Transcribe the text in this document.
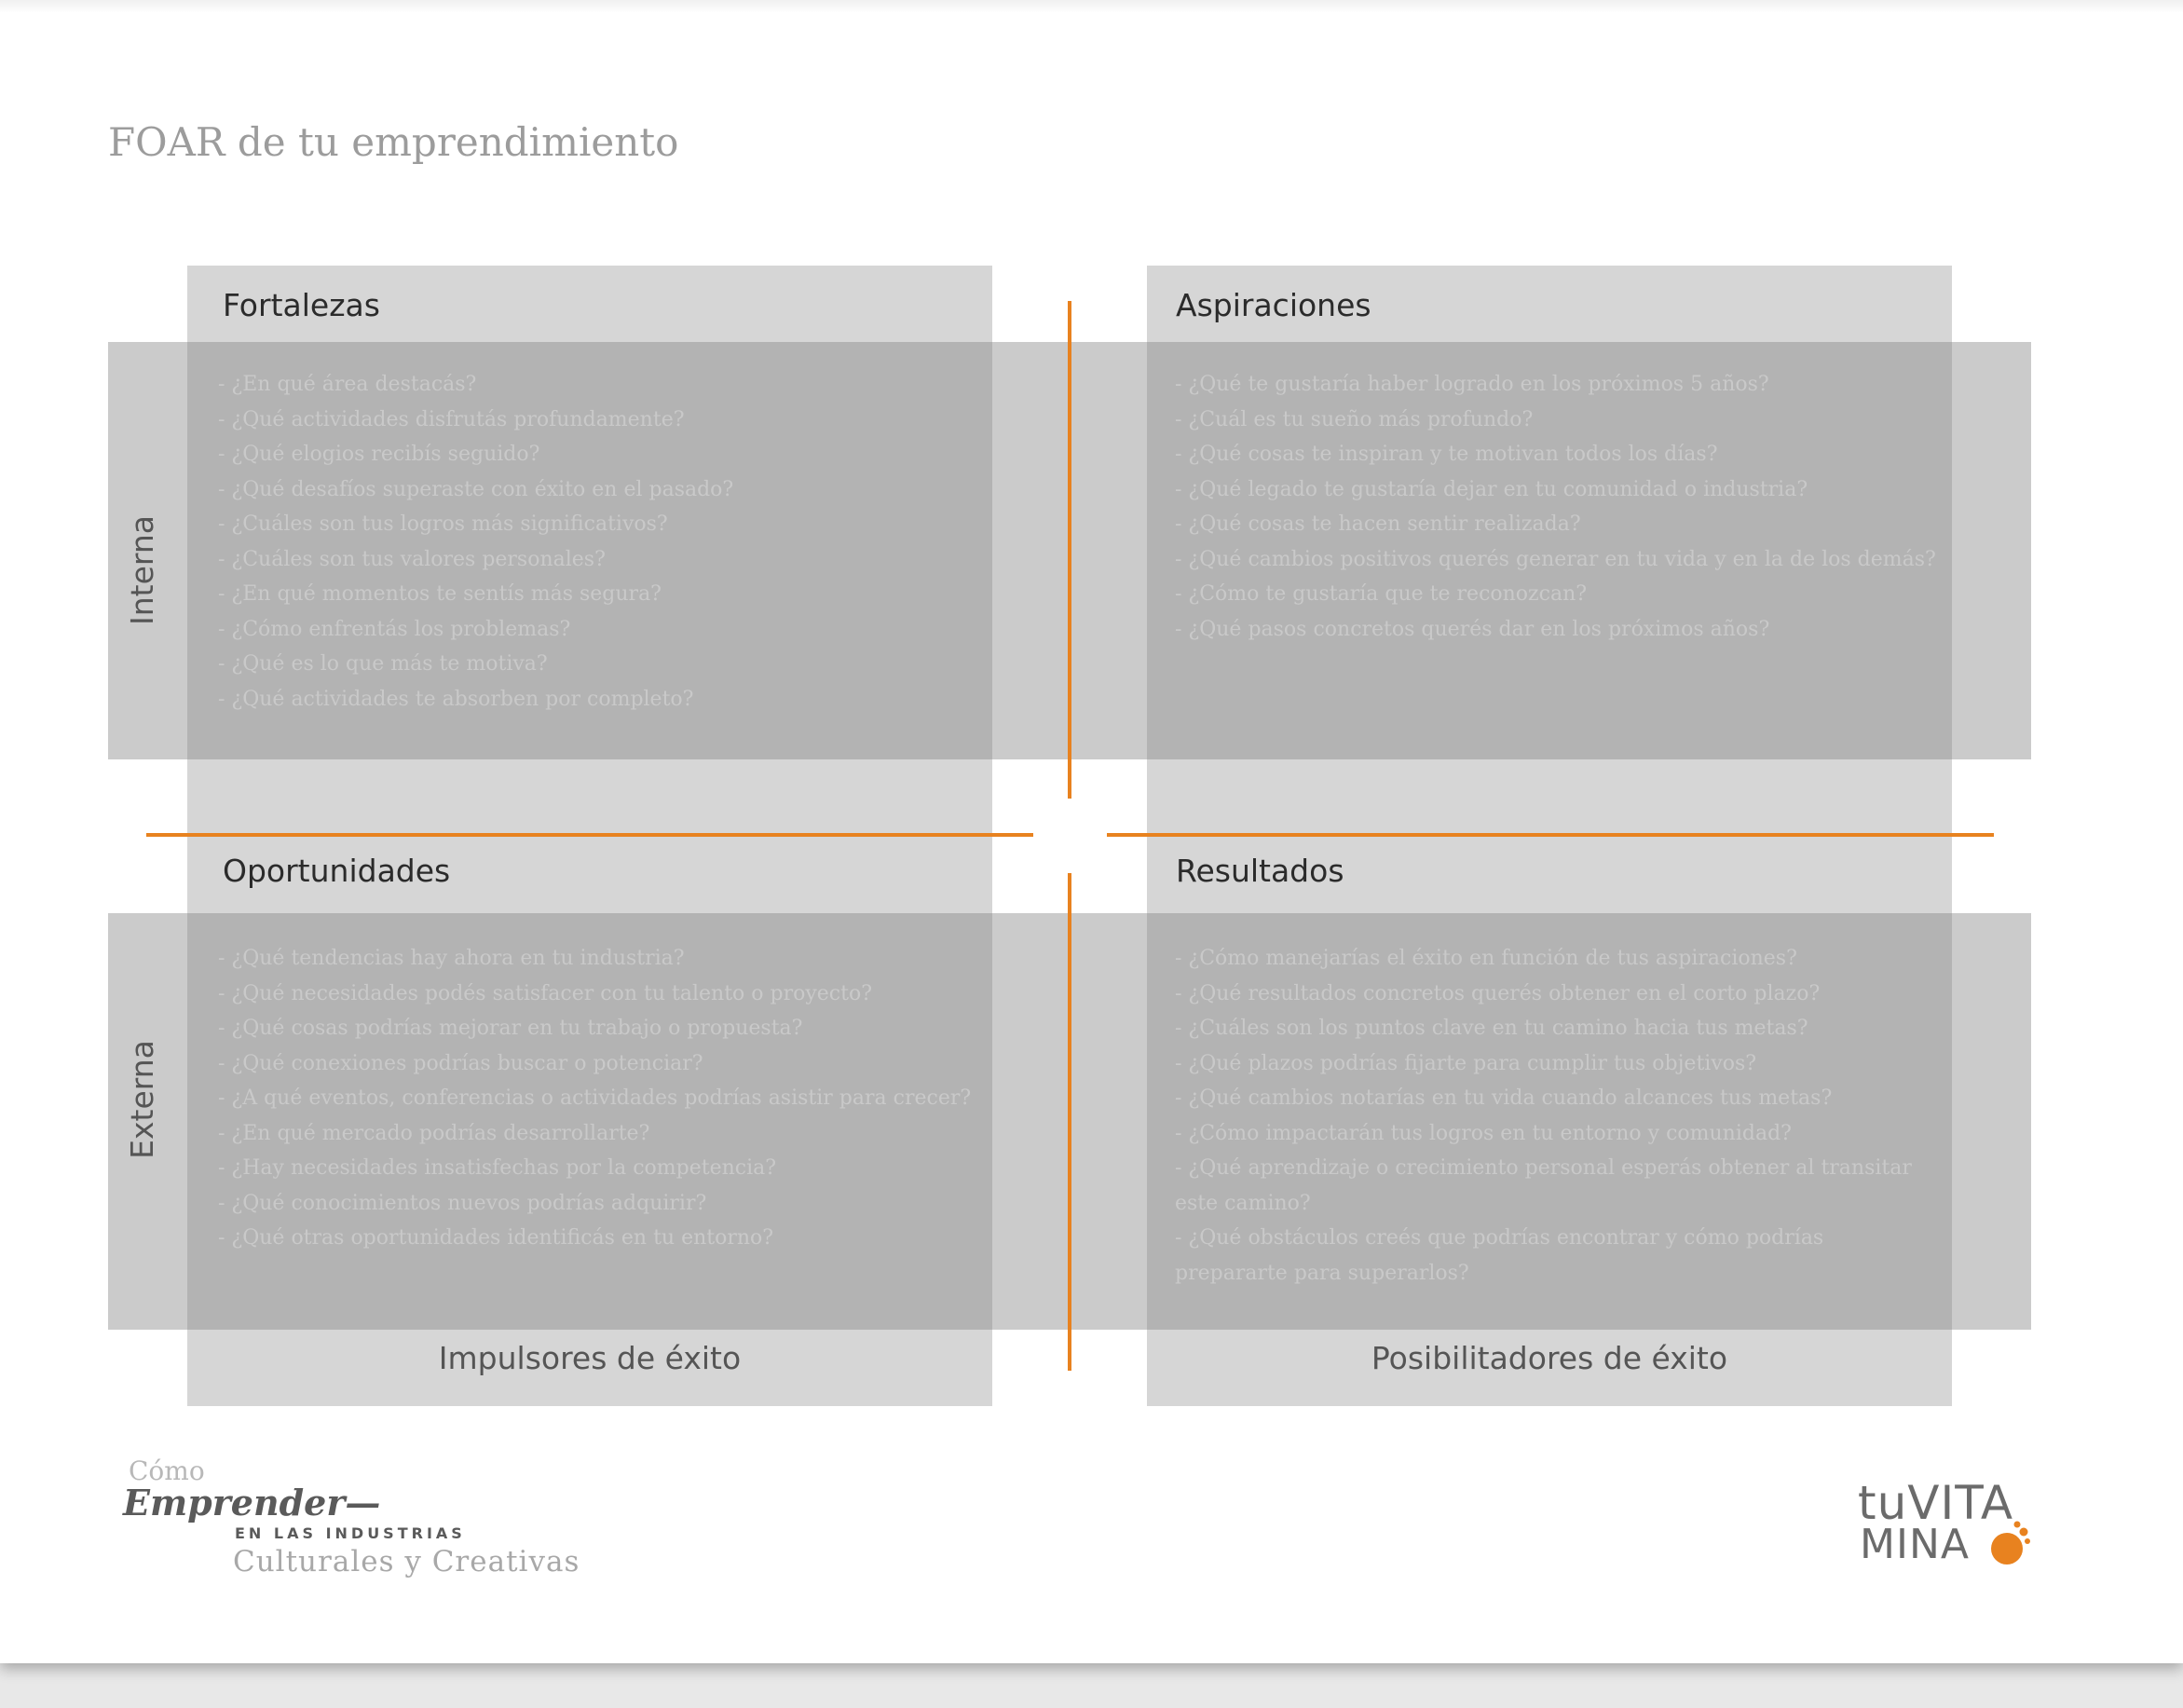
FOAR de tu emprendimiento
Fortalezas	Aspiraciones
Oportunidades	Resultados
- ¿En qué área destacás?
- ¿Qué actividades disfrutás profundamente?
- ¿Qué elogios recibís seguido?
- ¿Qué desafíos superaste con éxito en el pasado?
- ¿Cuáles son tus logros más significativos?
- ¿Cuáles son tus valores personales?
- ¿En qué momentos te sentís más segura?
- ¿Cómo enfrentás los problemas?
- ¿Qué es lo que más te motiva?
- ¿Qué actividades te absorben por completo?
- ¿Qué te gustaría haber logrado en los próximos 5 años?
- ¿Cuál es tu sueño más profundo?
- ¿Qué cosas te inspiran y te motivan todos los días?
- ¿Qué legado te gustaría dejar en tu comunidad o industria?
- ¿Qué cosas te hacen sentir realizada?
- ¿Qué cambios positivos querés generar en tu vida y en la de los demás?
- ¿Cómo te gustaría que te reconozcan?
- ¿Qué pasos concretos querés dar en los próximos años?
- ¿Qué tendencias hay ahora en tu industria?
- ¿Qué necesidades podés satisfacer con tu talento o proyecto?
- ¿Qué cosas podrías mejorar en tu trabajo o propuesta?
- ¿Qué conexiones podrías buscar o potenciar?
- ¿A qué eventos, conferencias o actividades podrías asistir para crecer?
- ¿En qué mercado podrías desarrollarte?
- ¿Hay necesidades insatisfechas por la competencia?
- ¿Qué conocimientos nuevos podrías adquirir?
- ¿Qué otras oportunidades identificás en tu entorno?
- ¿Cómo manejarías el éxito en función de tus aspiraciones?
- ¿Qué resultados concretos querés obtener en el corto plazo?
- ¿Cuáles son los puntos clave en tu camino hacia tus metas?
- ¿Qué plazos podrías fijarte para cumplir tus objetivos?
- ¿Qué cambios notarías en tu vida cuando alcances tus metas?
- ¿Cómo impactarán tus logros en tu entorno y comunidad?
- ¿Qué aprendizaje o crecimiento personal esperás obtener al transitar este camino?
- ¿Qué obstáculos creés que podrías encontrar y cómo podrías prepararte para superarlos?
Interna
Externa
Impulsores de éxito	Posibilitadores de éxito
Cómo
Emprender—
EN LAS INDUSTRIAS
Culturales y Creativas
tuVITA
MINA
